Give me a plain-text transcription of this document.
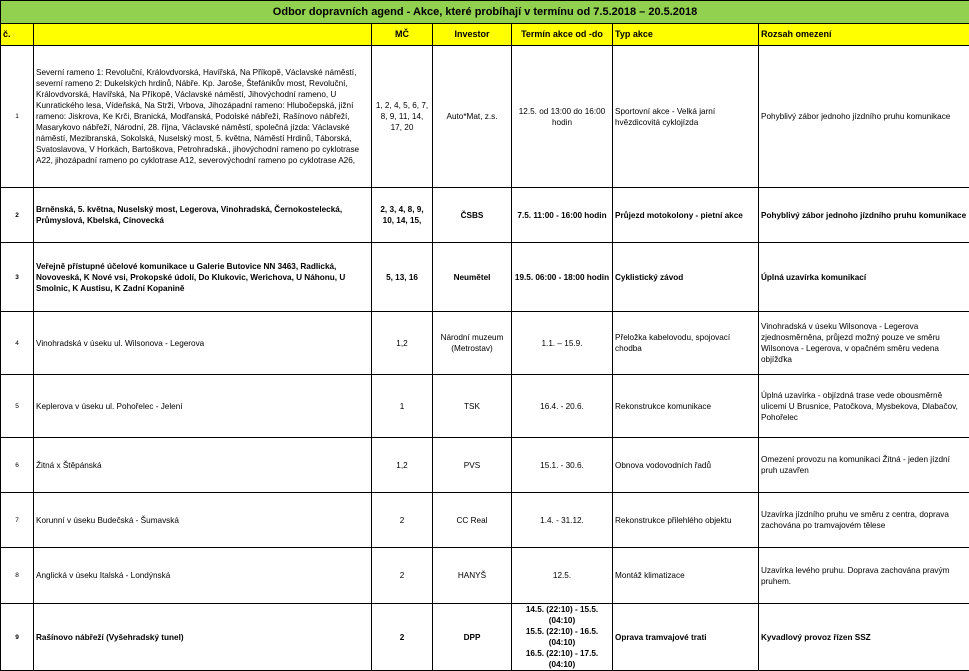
Odbor dopravních agend - Akce, které probíhají v termínu od 7.5.2018 – 20.5.2018						
č.		MČ	Investor	Termín akce od -do	Typ akce	Rozsah omezení
1	Severní rameno 1: Revoluční, Královdvorská, Havířská, Na Příkopě, Václavské náměstí, severní rameno 2: Dukelských hrdinů, Nábře. Kp. Jaroše, Štefánikův most, Revoluční, Královdvorská, Havířská, Na Příkopě, Václavské náměstí, Jihovýchodní rameno, U Kunratického lesa, Vídeňská, Na Strži, Vrbova, Jihozápadní rameno: Hlubočepská, jižní rameno: Jiskrova, Ke Krči, Branická, Modřanská, Podolské nábřeží, Rašínovo nábřeží, Masarykovo nábřeží, Národní, 28. října, Václavské náměstí, společná jízda: Václavské náměstí, Mezibranská, Sokolská, Nuselský most, 5. května, Náměstí Hrdinů, Táborská, Svatoslavova, V Horkách, Bartoškova, Petrohradská., jihovýchodní rameno po cyklotrase A22, jihozápadní rameno po cyklotrase A12, severovýchodní rameno po cyklotrase A26,	1, 2, 4, 5, 6, 7, 8, 9, 11, 14, 17, 20	Auto*Mat, z.s.	12.5. od 13:00 do 16:00 hodin	Sportovní akce - Velká jarní hvězdicovitá cyklojízda	Pohyblivý zábor jednoho jízdního pruhu komunikace
2	Brněnská, 5. května, Nuselský most, Legerova, Vinohradská, Černokostelecká, Průmyslová, Kbelská, Cínovecká	2, 3, 4, 8, 9, 10, 14, 15,	ČSBS	7.5. 11:00 - 16:00 hodin	Průjezd motokolony - pietní akce	Pohyblivý zábor jednoho jízdního pruhu komunikace
3	Veřejně přístupné účelové komunikace u Galerie Butovice NN 3463, Radlická, Novoveská, K Nové vsi, Prokopské údolí, Do Klukovic, Werichova, U Náhonu, U Smolnic, K Austisu, K Zadní Kopanině	5, 13, 16	Neumětel	19.5. 06:00 - 18:00 hodin	Cyklistický závod	Úplná uzavírka komunikací
4	Vinohradská v úseku ul. Wilsonova - Legerova	1,2	Národní muzeum (Metrostav)	1.1. – 15.9.	Přeložka kabelovodu, spojovací chodba	Vinohradská v úseku Wilsonova - Legerova zjednosměrněna, průjezd možný pouze ve směru Wilsonova - Legerova, v opačném směru vedena objížďka
5	Keplerova v úseku ul. Pohořelec - Jelení	1	TSK	16.4. - 20.6.	Rekonstrukce komunikace	Úplná uzavírka - objízdná trase vede obousměrně ulicemi U Brusnice, Patočkova, Mysbekova, Dlabačov, Pohořelec
6	Žitná x Štěpánská	1,2	PVS	15.1. - 30.6.	Obnova vodovodních řadů	Omezení provozu na komunikaci Žitná - jeden jízdní pruh uzavřen
7	Korunní v úseku Budečská - Šumavská	2	CC Real	1.4. - 31.12.	Rekonstrukce přilehlého objektu	Uzavírka jízdního pruhu ve směru z centra, doprava zachována po tramvajovém tělese
8	Anglická v úseku Italská - Londýnská	2	HANYŠ	12.5.	Montáž klimatizace	Uzavírka levého pruhu. Doprava zachována pravým pruhem.
9	Rašínovo nábřeží (Vyšehradský tunel)	2	DPP	14.5. (22:10) - 15.5. (04:10)
15.5. (22:10) - 16.5. (04:10)
16.5. (22:10) - 17.5. (04:10)	Oprava tramvajové trati	Kyvadlový provoz řízen SSZ
